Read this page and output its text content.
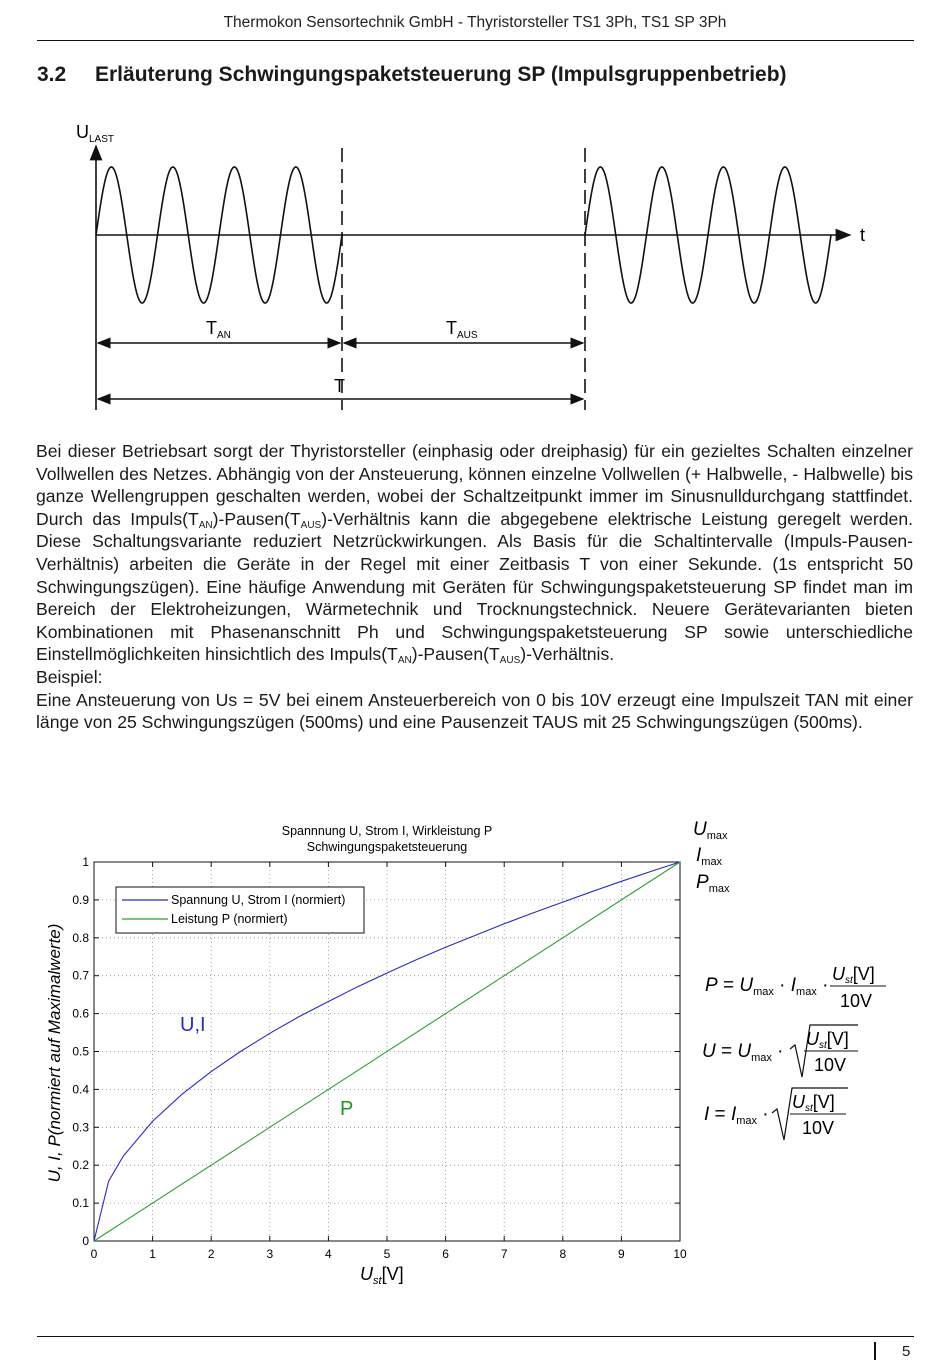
Thermokon Sensortechnik GmbH - Thyristorsteller TS1 3Ph, TS1 SP 3Ph
3.2 Erläuterung Schwingungspaketsteuerung SP (Impulsgruppenbetrieb)
$U_{LAST}$
t
$T_{AN}$	$T_{AUS}$
T

Bei dieser Betriebsart sorgt der Thyristorsteller (einphasig oder dreiphasig) für ein gezieltes Schalten einzelner Vollwellen des Netzes. Abhängig von der Ansteuerung, können einzelne Vollwellen (+ Halbwelle, - Halbwelle) bis ganze Wellengruppen geschalten werden, wobei der Schaltzeitpunkt immer im Sinusnulldurchgang stattfindet. Durch das $Impuls(T_{AN})-Pausen(T_{AUS})$-Verhältnis kann die abgegebene elektrische Leistung geregelt werden. Diese Schaltungsvariante reduziert Netzrückwirkungen. Als Basis für die Schaltintervalle (Impuls-Pausen-Verhältnis) arbeiten die Geräte in der Regel mit einer Zeitbasis T von einer Sekunde. (1s entspricht 50 Schwingungszügen). Eine häufige Anwendung mit Geräten für Schwingungspaketsteuerung SP findet man im Bereich der Elektroheizungen, Wärmetechnik und Trocknungstechnick. Neuere Gerätevarianten bieten Kombinationen mit Phasenanschnitt Ph und Schwingungspaketsteuerung SP sowie unterschiedliche Einstellmöglichkeiten hinsichtlich des $Impuls(T_{AN})-Pausen(T_{AUS})$-Verhältnis.

Beispiel:

Eine Ansteuerung von Us = 5V bei einem Ansteuerbereich von 0 bis 10V erzeugt eine Impulszeit TAN mit einer länge von 25 Schwingungszügen (500ms) und eine Pausenzeit TAUS mit 25 Schwingungszügen (500ms).

Spannnung U, Strom I, Wirkleistung P
Schwingungspaketsteuerung
0
0.1
0.2
0.3
0.4
0.5
0.6
0.7
0.8
0.9
1
0	1	2	3	4	5	6	7	8	9	10
Spannung U, Strom I (normiert)
Leistung P (normiert)
U,I
P
$U_{st}[V]$
U, I, P(normiert auf Maximalwerte)
$U_{max}$
$I_{max}$
$P_{max}$
$P = U_{max} \cdot I_{max}$ ·
Ust[V]
10V
$U = U_{max}$ ·
Ust[V]
10V
$I = I_{max}$ ·
Ust[V]
10V
5
